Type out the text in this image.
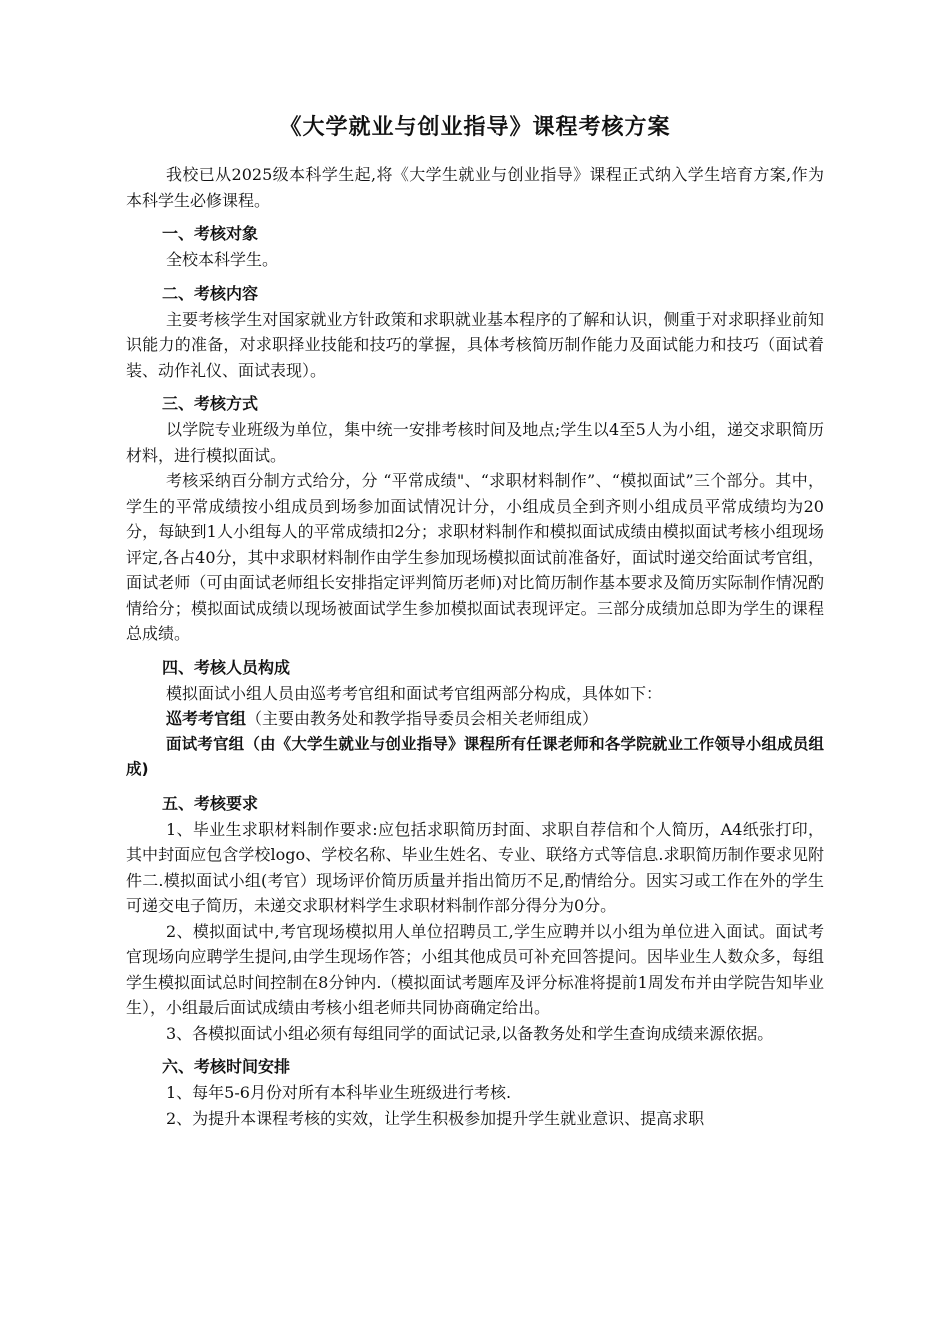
《大学就业与创业指导》课程考核方案

我校已从2025级本科学生起,将《大学生就业与创业指导》课程正式纳入学生培育方案,作为本科学生必修课程。

一、考核对象

全校本科学生。

二、考核内容

主要考核学生对国家就业方针政策和求职就业基本程序的了解和认识，侧重于对求职择业前知识能力的准备，对求职择业技能和技巧的掌握，具体考核简历制作能力及面试能力和技巧（面试着装、动作礼仪、面试表现）。

三、考核方式

以学院专业班级为单位，集中统一安排考核时间及地点;学生以4至5人为小组，递交求职简历材料，进行模拟面试。

考核采纳百分制方式给分，分 “平常成绩"、“求职材料制作”、“模拟面试”三个部分。其中，学生的平常成绩按小组成员到场参加面试情况计分，小组成员全到齐则小组成员平常成绩均为20分，每缺到1人小组每人的平常成绩扣2分；求职材料制作和模拟面试成绩由模拟面试考核小组现场评定,各占40分，其中求职材料制作由学生参加现场模拟面试前准备好，面试时递交给面试考官组，面试老师（可由面试老师组长安排指定评判简历老师)对比简历制作基本要求及简历实际制作情况酌情给分；模拟面试成绩以现场被面试学生参加模拟面试表现评定。三部分成绩加总即为学生的课程总成绩。

四、考核人员构成

模拟面试小组人员由巡考考官组和面试考官组两部分构成，具体如下：

巡考考官组（主要由教务处和教学指导委员会相关老师组成）

面试考官组（由《大学生就业与创业指导》课程所有任课老师和各学院就业工作领导小组成员组成)

五、考核要求

1、毕业生求职材料制作要求:应包括求职简历封面、求职自荐信和个人简历，A4纸张打印，其中封面应包含学校logo、学校名称、毕业生姓名、专业、联络方式等信息.求职简历制作要求见附件二.模拟面试小组(考官）现场评价简历质量并指出简历不足,酌情给分。因实习或工作在外的学生可递交电子简历，未递交求职材料学生求职材料制作部分得分为0分。

2、模拟面试中,考官现场模拟用人单位招聘员工,学生应聘并以小组为单位进入面试。面试考官现场向应聘学生提问,由学生现场作答；小组其他成员可补充回答提问。因毕业生人数众多，每组学生模拟面试总时间控制在8分钟内.（模拟面试考题库及评分标准将提前1周发布并由学院告知毕业生），小组最后面试成绩由考核小组老师共同协商确定给出。

3、各模拟面试小组必须有每组同学的面试记录,以备教务处和学生查询成绩来源依据。

六、考核时间安排

1、每年5-6月份对所有本科毕业生班级进行考核.

2、为提升本课程考核的实效，让学生积极参加提升学生就业意识、提高求职
